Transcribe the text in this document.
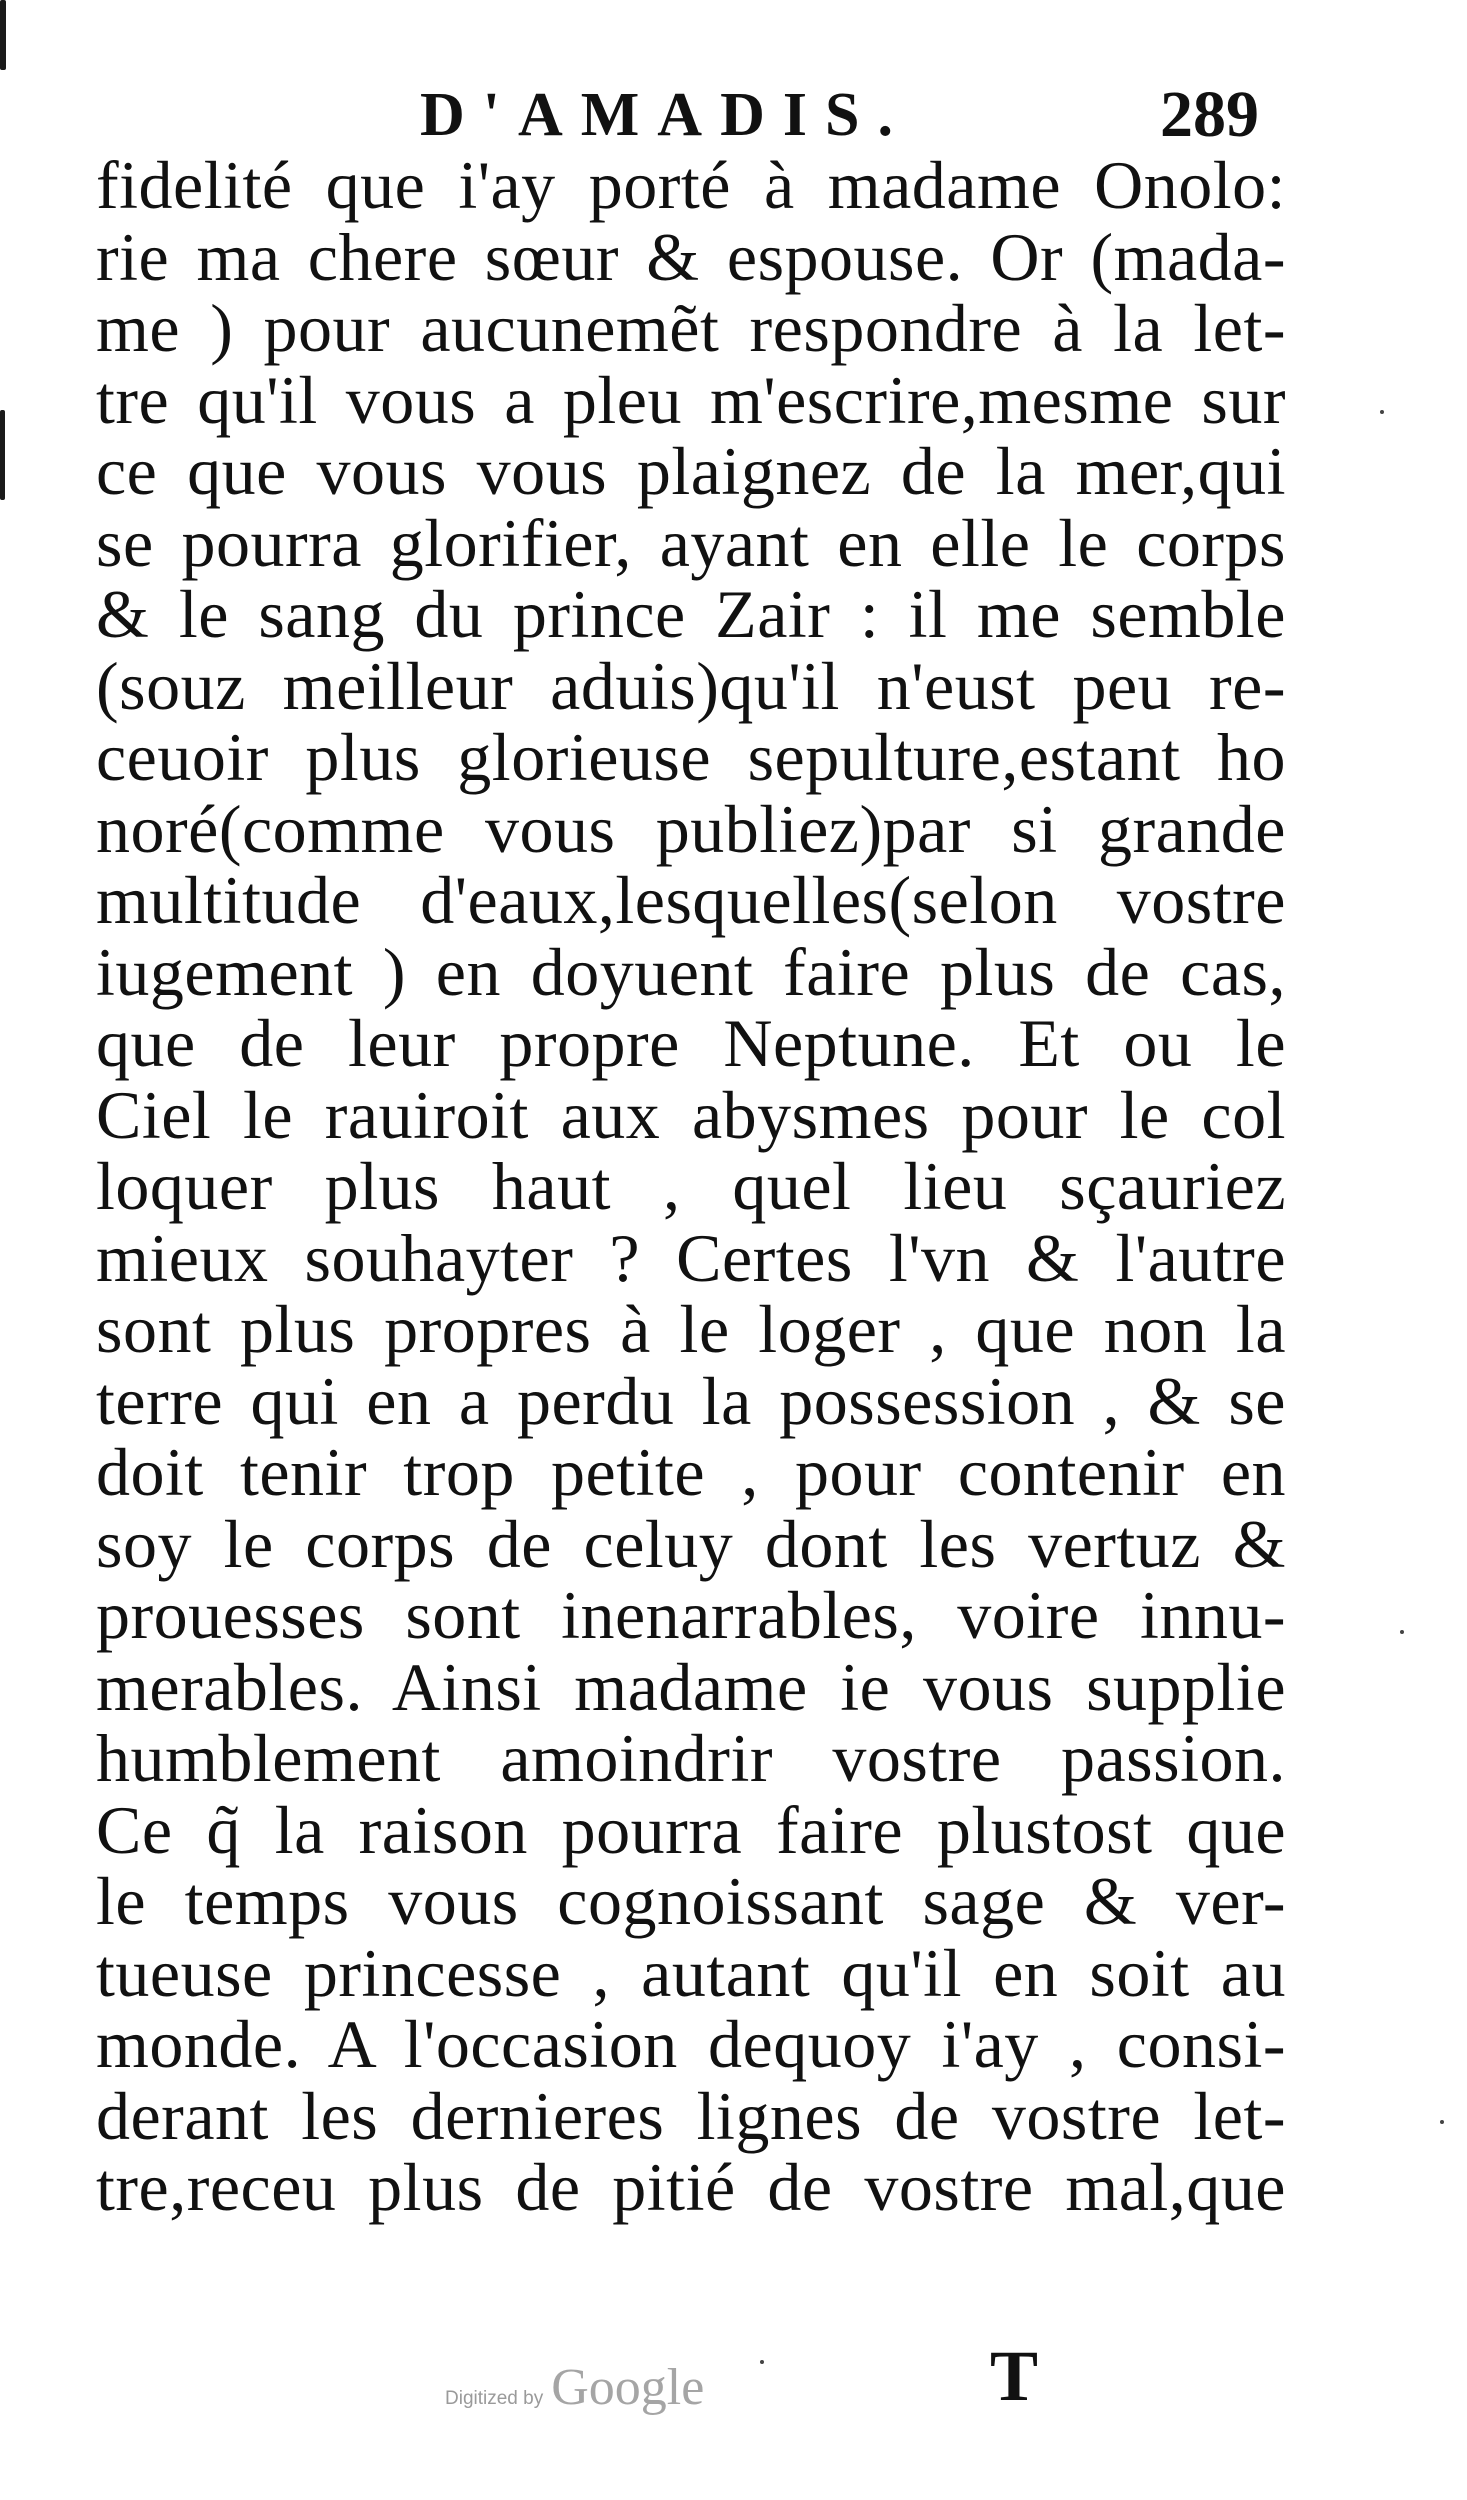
D'AMADIS.	289
fidelité que i'ay porté à madame Onolo:
rie ma chere sœur & espouse. Or (mada-
me ) pour aucunemẽt respondre à la let-
tre qu'il vous a pleu m'escrire,mesme sur
ce que vous vous plaignez de la mer,qui
se pourra glorifier, ayant en elle le corps
& le sang du prince Zair : il me semble
(souz meilleur aduis)qu'il n'eust peu re-
ceuoir plus glorieuse sepulture,estant ho
noré(comme vous publiez)par si grande
multitude d'eaux,lesquelles(selon vostre
iugement ) en doyuent faire plus de cas,
que de leur propre Neptune. Et ou le
Ciel le rauiroit aux abysmes pour le col
loquer plus haut , quel lieu sçauriez
mieux souhayter ? Certes l'vn & l'autre
sont plus propres à le loger , que non la
terre qui en a perdu la possession , & se
doit tenir trop petite , pour contenir en
soy le corps de celuy dont les vertuz &
prouesses sont inenarrables, voire innu-
merables. Ainsi madame ie vous supplie
humblement amoindrir vostre passion.
Ce q̃ la raison pourra faire plustost que
le temps vous cognoissant sage & ver-
tueuse princesse , autant qu'il en soit au
monde. A l'occasion dequoy i'ay , consi-
derant les dernieres lignes de vostre let-
tre,receu plus de pitié de vostre mal,que
T
Digitized by Google
